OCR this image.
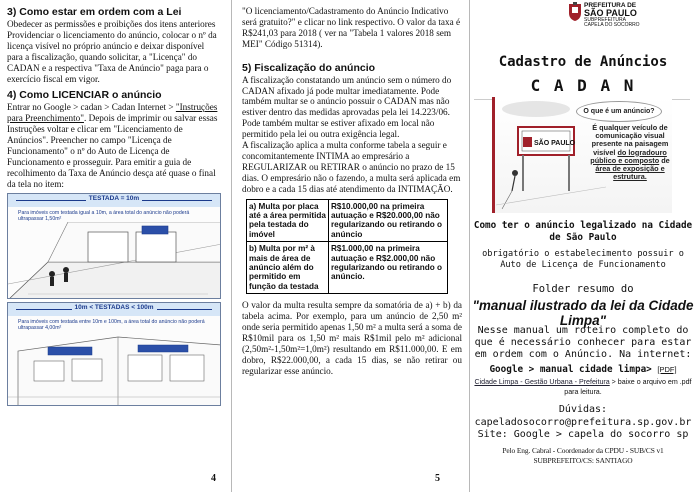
3) Como estar em ordem com a Lei

Obedecer as permissões e proibições dos itens anteriores
Providenciar o licenciamento do anúncio, colocar o nº da licença visível no próprio anúncio e deixar disponível para a fiscalização, quando solicitar, a "Licença" do CADAN e a respectiva "Taxa de Anúncio" paga para o exercício fiscal em vigor.

4) Como LICENCIAR o anúncio

Entrar no Google > cadan > Cadan Internet > "Instruções para Preenchimento". Depois de imprimir ou salvar essas Instruções voltar e clicar em "Licenciamento de Anúncios". Preencher no campo "Licença de Funcionamento" o nº do Auto de Licença de Funcionamento e prosseguir. Para emitir a guia de recolhimento da Taxa de Anúncio desça até quase o final da tela no item:

TESTADA = 10m
Para imóveis com testada igual a 10m, a área total do anúncio não poderá ultrapassar 1,50m²
10m < TESTADAS < 100m
Para imóveis com testada entre 10m e 100m, a área total do anúncio não poderá ultrapassar 4,00m²
4

"O licenciamento/Cadastramento do Anúncio Indicativo será gratuito?" e clicar no link respectivo. O valor da taxa é R$241,03 para 2018 ( ver na "Tabela 1 valores 2018 sem MEI" Código 51314).

5) Fiscalização do anúncio

A fiscalização constatando um anúncio sem o número do CADAN afixado já pode multar imediatamente. Pode também multar se o anúncio possuir o CADAN mas não estiver dentro das medidas aprovadas pela lei 14.223/06. Pode também multar se estiver afixado em local não permitido pela lei ou outra exigência legal.
A fiscalização aplica a multa conforme tabela a seguir e concomitantemente INTIMA ao empresário a REGULARIZAR ou RETIRAR o anúncio no prazo de 15 dias. O empresário não o fazendo, a multa será aplicada em dobro e a cada 15 dias até atendimento da INTIMAÇÃO.

a) Multa por placa até a área permitida pela testada do imóvel	R$10.000,00 na primeira autuação e R$20.000,00 não regularizando ou retirando o anúncio
b) Multa por m² à mais de área de anúncio além do permitido em função da testada	R$1.000,00 na primeira autuação e R$2.000,00 não regularizando ou retirando o anúncio.

O valor da multa resulta sempre da somatória de a) + b) da tabela acima. Por exemplo, para um anúncio de 2,50 m² onde seria permitido apenas 1,50 m² a multa será a soma de R$10mil para os 1,50 m² mais R$1mil pelo m² adicional (2,50m²-1,50m²=1,0m²) resultando em R$11.000,00. E em dobro, R$22.000,00, a cada 15 dias, se não retirar ou regularizar esse anúncio.

5
PREFEITURA DE
SÃO PAULO
SUBPREFEITURA
CAPELA DO SOCORRO
Cadastro de Anúncios
C A D A N
SÃO PAULO
O que é um anúncio?
É qualquer veículo de comunicação visual presente na paisagem visível do logradouro público e composto de área de exposição e estrutura.

Como ter o anúncio legalizado na Cidade de São Paulo

obrigatório o estabelecimento possuir o Auto de Licença de Funcionamento

Folder resumo do
"manual ilustrado da lei da Cidade Limpa"

Nesse manual um roteiro completo do que é necessário conhecer para estar em ordem com o Anúncio. Na internet:

Google > manual cidade limpa> [PDF]

Cidade Limpa - Gestão Urbana - Prefeitura > baixe o arquivo em .pdf para leitura.

Dúvidas:
capeladosocorro@prefeitura.sp.gov.br
Site: Google > capela do socorro sp

Pelo Eng. Cabral - Coordenador da CPDU - SUB/CS v1 SUBPREFEITO/CS: SANTIAGO
